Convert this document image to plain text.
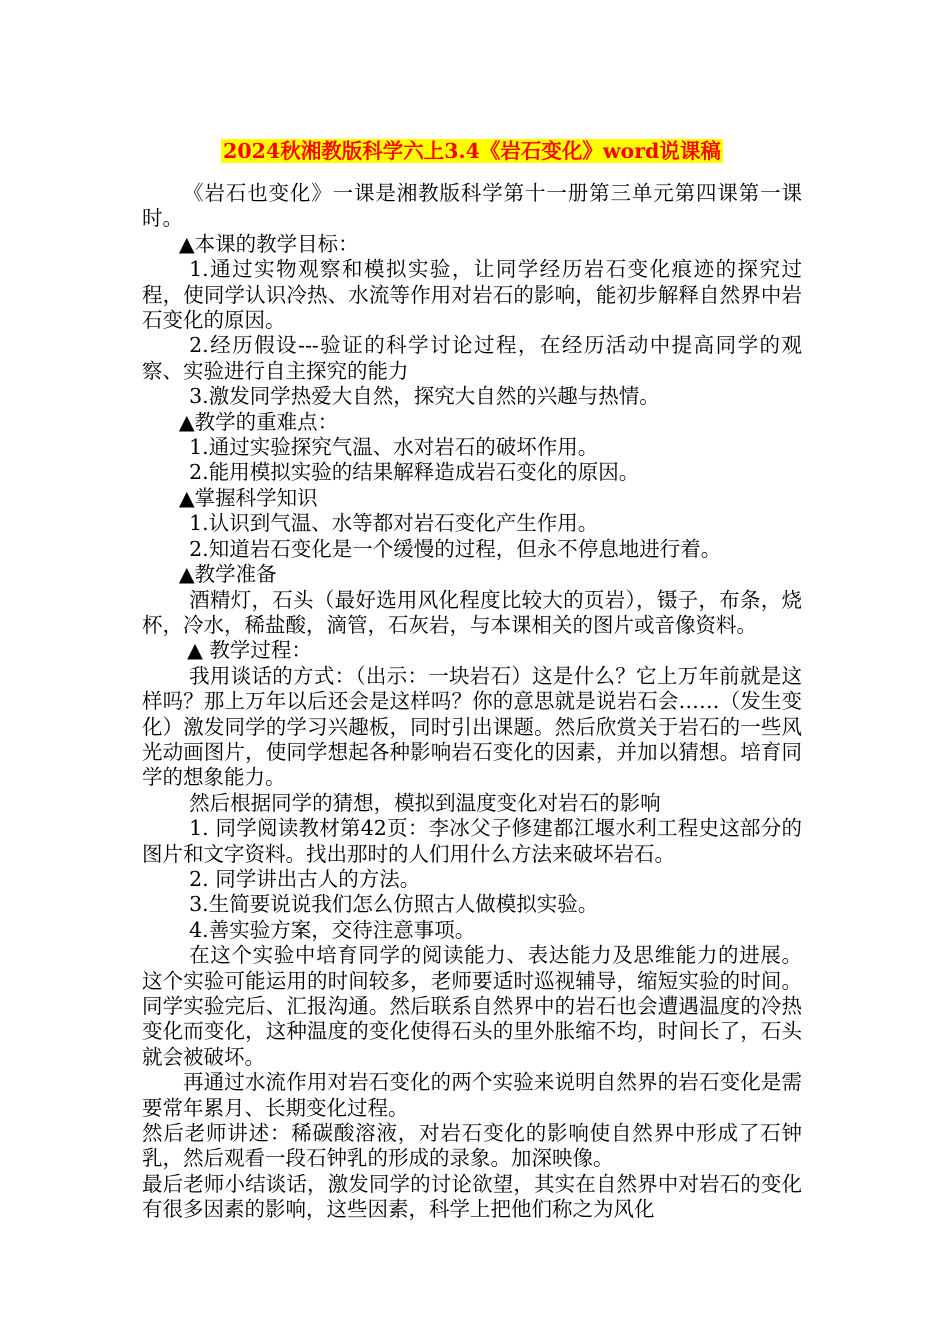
2024秋湘教版科学六上3.4《岩石变化》word说课稿

《岩石也变化》一课是湘教版科学第十一册第三单元第四课第一课时。

▲本课的教学目标：

1.通过实物观察和模拟实验，让同学经历岩石变化痕迹的探究过程，使同学认识冷热、水流等作用对岩石的影响，能初步解释自然界中岩石变化的原因。

2.经历假设---验证的科学讨论过程，在经历活动中提高同学的观察、实验进行自主探究的能力

3.激发同学热爱大自然，探究大自然的兴趣与热情。

▲教学的重难点：

1.通过实验探究气温、水对岩石的破坏作用。

2.能用模拟实验的结果解释造成岩石变化的原因。

▲掌握科学知识

1.认识到气温、水等都对岩石变化产生作用。

2.知道岩石变化是一个缓慢的过程，但永不停息地进行着。

▲教学准备

酒精灯，石头（最好选用风化程度比较大的页岩），镊子，布条，烧杯，冷水，稀盐酸，滴管，石灰岩，与本课相关的图片或音像资料。

▲ 教学过程：

我用谈话的方式：（出示：一块岩石）这是什么？它上万年前就是这样吗？那上万年以后还会是这样吗？你的意思就是说岩石会……（发生变化）激发同学的学习兴趣板，同时引出课题。然后欣赏关于岩石的一些风光动画图片，使同学想起各种影响岩石变化的因素，并加以猜想。培育同学的想象能力。

然后根据同学的猜想，模拟到温度变化对岩石的影响

1. 同学阅读教材第42页：李冰父子修建都江堰水利工程史这部分的图片和文字资料。找出那时的人们用什么方法来破坏岩石。

2. 同学讲出古人的方法。

3.生简要说说我们怎么仿照古人做模拟实验。

4.善实验方案，交待注意事项。

在这个实验中培育同学的阅读能力、表达能力及思维能力的进展。这个实验可能运用的时间较多，老师要适时巡视辅导，缩短实验的时间。同学实验完后、汇报沟通。然后联系自然界中的岩石也会遭遇温度的冷热变化而变化，这种温度的变化使得石头的里外胀缩不均，时间长了，石头就会被破坏。

再通过水流作用对岩石变化的两个实验来说明自然界的岩石变化是需要常年累月、长期变化过程。

然后老师讲述：稀碳酸溶液，对岩石变化的影响使自然界中形成了石钟乳，然后观看一段石钟乳的形成的录象。加深映像。

最后老师小结谈话，激发同学的讨论欲望，其实在自然界中对岩石的变化有很多因素的影响，这些因素，科学上把他们称之为风化
